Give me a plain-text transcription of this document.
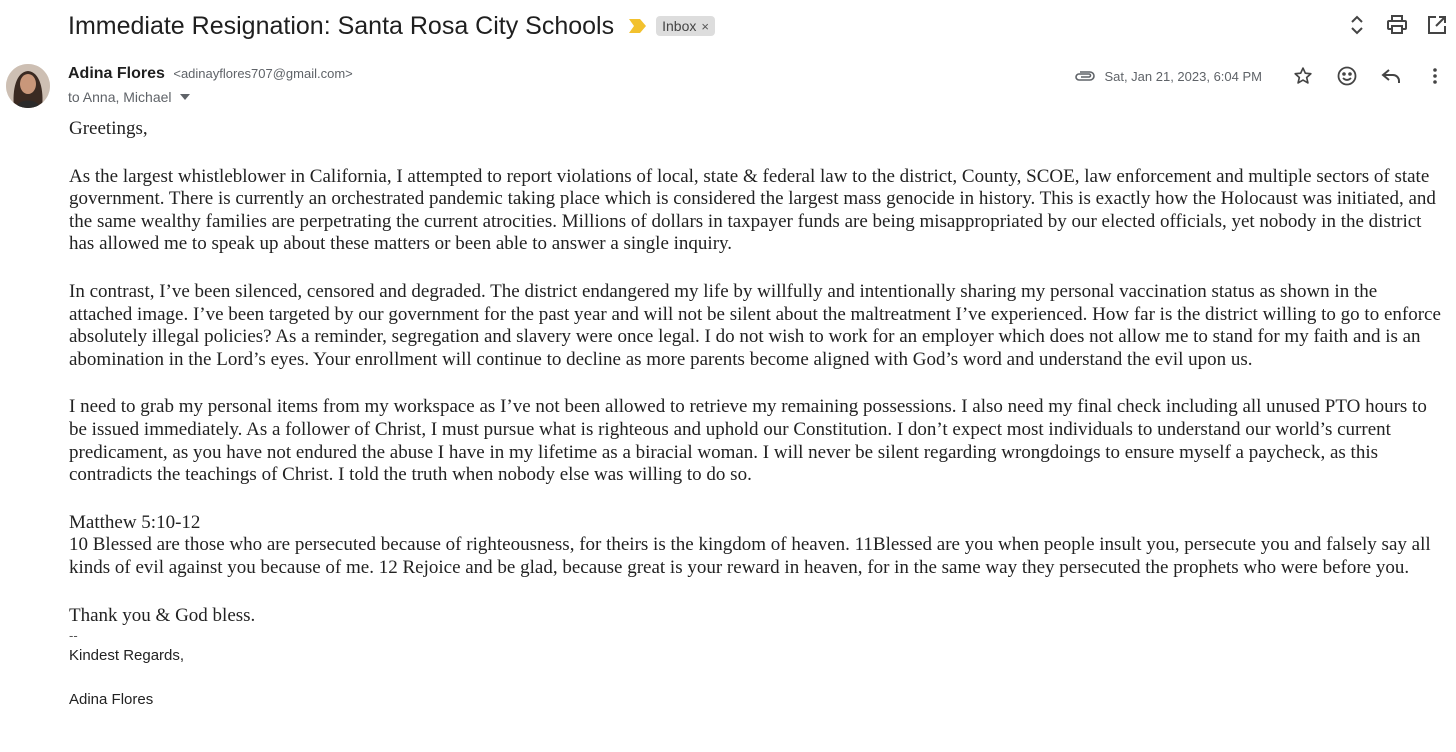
Immediate Resignation: Santa Rosa City Schools	Inbox ×
Adina Flores <adinayflores707@gmail.com>
to Anna, Michael
Sat, Jan 21, 2023, 6:04 PM

Greetings,

As the largest whistleblower in California, I attempted to report violations of local, state & federal law to the district, County, SCOE, law enforcement and multiple sectors of state government. There is currently an orchestrated pandemic taking place which is considered the largest mass genocide in history. This is exactly how the Holocaust was initiated, and the same wealthy families are perpetrating the current atrocities. Millions of dollars in taxpayer funds are being misappropriated by our elected officials, yet nobody in the district has allowed me to speak up about these matters or been able to answer a single inquiry.

In contrast, I’ve been silenced, censored and degraded. The district endangered my life by willfully and intentionally sharing my personal vaccination status as shown in the attached image. I’ve been targeted by our government for the past year and will not be silent about the maltreatment I’ve experienced. How far is the district willing to go to enforce absolutely illegal policies? As a reminder, segregation and slavery were once legal. I do not wish to work for an employer which does not allow me to stand for my faith and is an abomination in the Lord’s eyes. Your enrollment will continue to decline as more parents become aligned with God’s word and understand the evil upon us.

I need to grab my personal items from my workspace as I’ve not been allowed to retrieve my remaining possessions. I also need my final check including all unused PTO hours to be issued immediately. As a follower of Christ, I must pursue what is righteous and uphold our Constitution. I don’t expect most individuals to understand our world’s current predicament, as you have not endured the abuse I have in my lifetime as a biracial woman. I will never be silent regarding wrongdoings to ensure myself a paycheck, as this contradicts the teachings of Christ. I told the truth when nobody else was willing to do so.

Matthew 5:10-12
10 Blessed are those who are persecuted because of righteousness, for theirs is the kingdom of heaven. 11Blessed are you when people insult you, persecute you and falsely say all kinds of evil against you because of me. 12 Rejoice and be glad, because great is your reward in heaven, for in the same way they persecuted the prophets who were before you.
Thank you & God bless.
--
Kindest Regards,
Adina Flores
